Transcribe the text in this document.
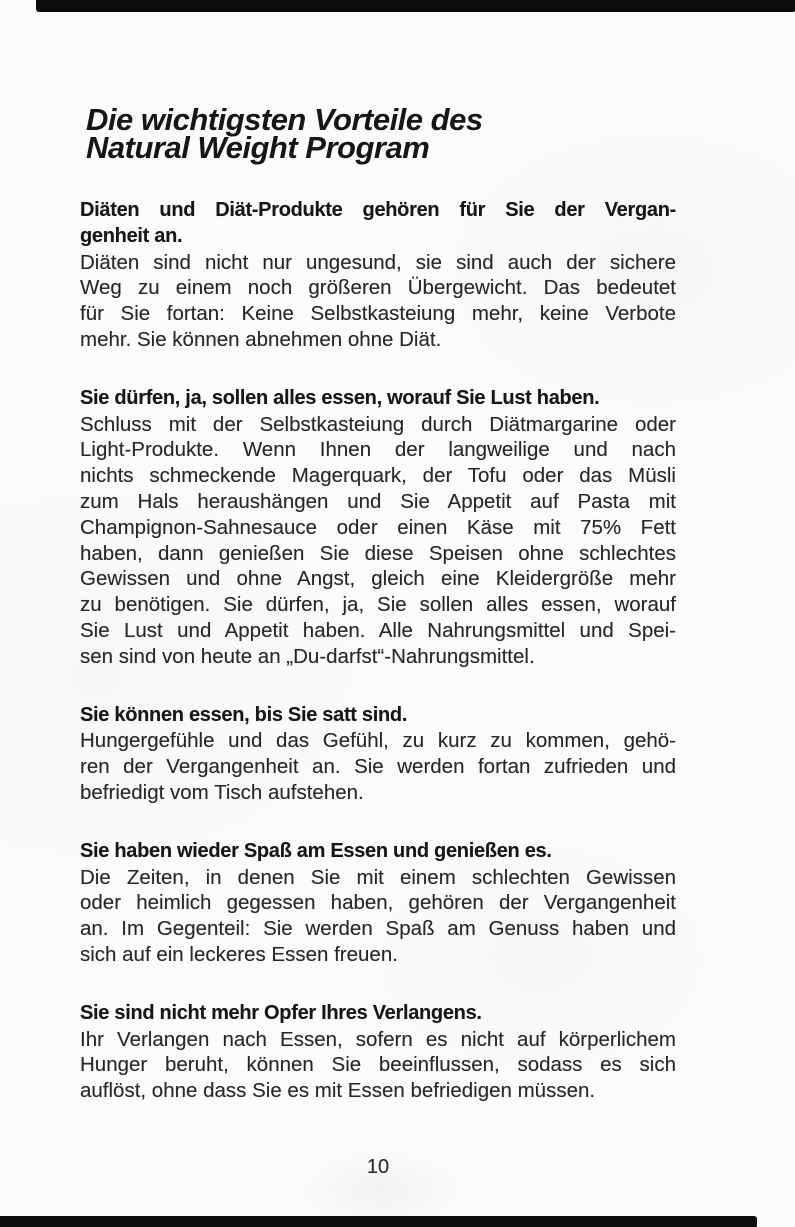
Die wichtigsten Vorteile des
Natural Weight Program
Diäten und Diät-Produkte gehören für Sie der Vergan-
genheit an.
Diäten sind nicht nur ungesund, sie sind auch der sichere
Weg zu einem noch größeren Übergewicht. Das bedeutet
für Sie fortan: Keine Selbstkasteiung mehr, keine Verbote
mehr. Sie können abnehmen ohne Diät.
Sie dürfen, ja, sollen alles essen, worauf Sie Lust haben.
Schluss mit der Selbstkasteiung durch Diätmargarine oder
Light-Produkte. Wenn Ihnen der langweilige und nach
nichts schmeckende Magerquark, der Tofu oder das Müsli
zum Hals heraushängen und Sie Appetit auf Pasta mit
Champignon-Sahnesauce oder einen Käse mit 75% Fett
haben, dann genießen Sie diese Speisen ohne schlechtes
Gewissen und ohne Angst, gleich eine Kleidergröße mehr
zu benötigen. Sie dürfen, ja, Sie sollen alles essen, worauf
Sie Lust und Appetit haben. Alle Nahrungsmittel und Spei-
sen sind von heute an „Du-darfst“-Nahrungsmittel.
Sie können essen, bis Sie satt sind.
Hungergefühle und das Gefühl, zu kurz zu kommen, gehö-
ren der Vergangenheit an. Sie werden fortan zufrieden und
befriedigt vom Tisch aufstehen.
Sie haben wieder Spaß am Essen und genießen es.
Die Zeiten, in denen Sie mit einem schlechten Gewissen
oder heimlich gegessen haben, gehören der Vergangenheit
an. Im Gegenteil: Sie werden Spaß am Genuss haben und
sich auf ein leckeres Essen freuen.
Sie sind nicht mehr Opfer Ihres Verlangens.
Ihr Verlangen nach Essen, sofern es nicht auf körperlichem
Hunger beruht, können Sie beeinflussen, sodass es sich
auflöst, ohne dass Sie es mit Essen befriedigen müssen.
10
